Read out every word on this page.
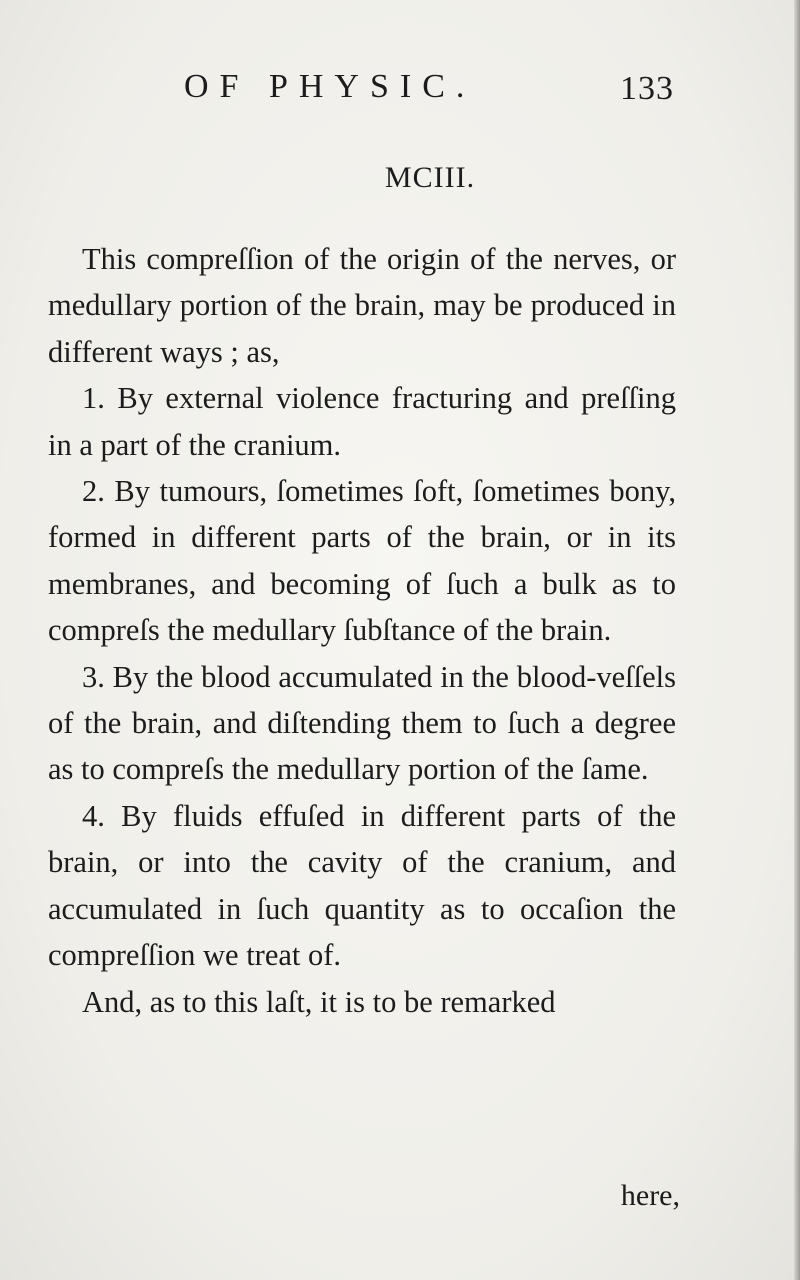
OF PHYSIC.	133
MCIII.

This compreſſion of the origin of the nerves, or medullary portion of the brain, may be produced in different ways ; as,

1. By external violence fracturing and preſſing in a part of the cranium.

2. By tumours, ſometimes ſoft, ſometimes bony, formed in different parts of the brain, or in its membranes, and becoming of ſuch a bulk as to compreſs the medullary ſubſtance of the brain.

3. By the blood accumulated in the blood-veſſels of the brain, and diſtending them to ſuch a degree as to compreſs the medullary portion of the ſame.

4. By fluids effuſed in different parts of the brain, or into the cavity of the cranium, and accumulated in ſuch quantity as to occaſion the compreſſion we treat of.

And, as to this laſt, it is to be remarked

here,
